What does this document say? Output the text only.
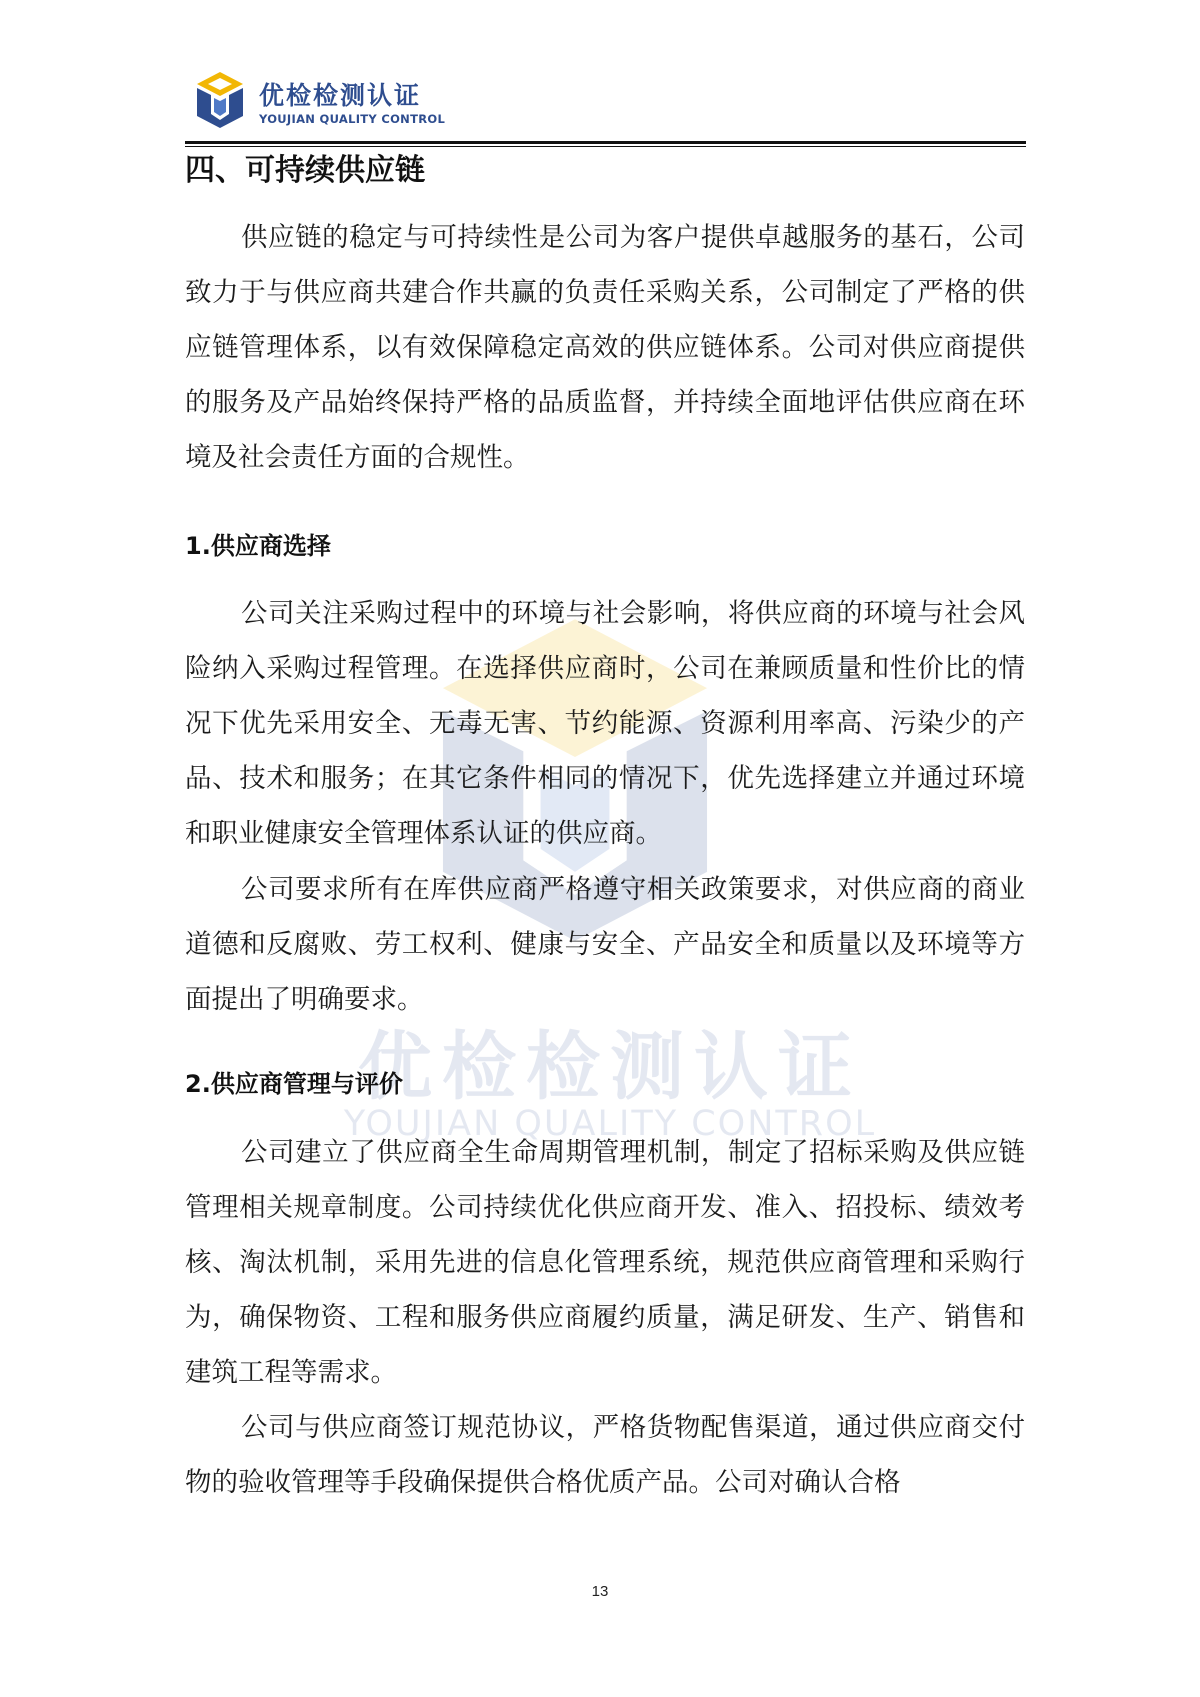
优检检测认证
YOUJIAN QUALITY CONTROL
优检检测认证
YOUJIAN QUALITY CONTROL
四、可持续供应链

供应链的稳定与可持续性是公司为客户提供卓越服务的基石，公司致力于与供应商共建合作共赢的负责任采购关系，公司制定了严格的供应链管理体系，以有效保障稳定高效的供应链体系。公司对供应商提供的服务及产品始终保持严格的品质监督，并持续全面地评估供应商在环境及社会责任方面的合规性。

1.供应商选择

公司关注采购过程中的环境与社会影响，将供应商的环境与社会风险纳入采购过程管理。在选择供应商时，公司在兼顾质量和性价比的情况下优先采用安全、无毒无害、节约能源、资源利用率高、污染少的产品、技术和服务；在其它条件相同的情况下，优先选择建立并通过环境和职业健康安全管理体系认证的供应商。

公司要求所有在库供应商严格遵守相关政策要求，对供应商的商业道德和反腐败、劳工权利、健康与安全、产品安全和质量以及环境等方面提出了明确要求。

2.供应商管理与评价

公司建立了供应商全生命周期管理机制，制定了招标采购及供应链管理相关规章制度。公司持续优化供应商开发、准入、招投标、绩效考核、淘汰机制，采用先进的信息化管理系统，规范供应商管理和采购行为，确保物资、工程和服务供应商履约质量，满足研发、生产、销售和建筑工程等需求。

公司与供应商签订规范协议，严格货物配售渠道，通过供应商交付物的验收管理等手段确保提供合格优质产品。公司对确认合格

13
